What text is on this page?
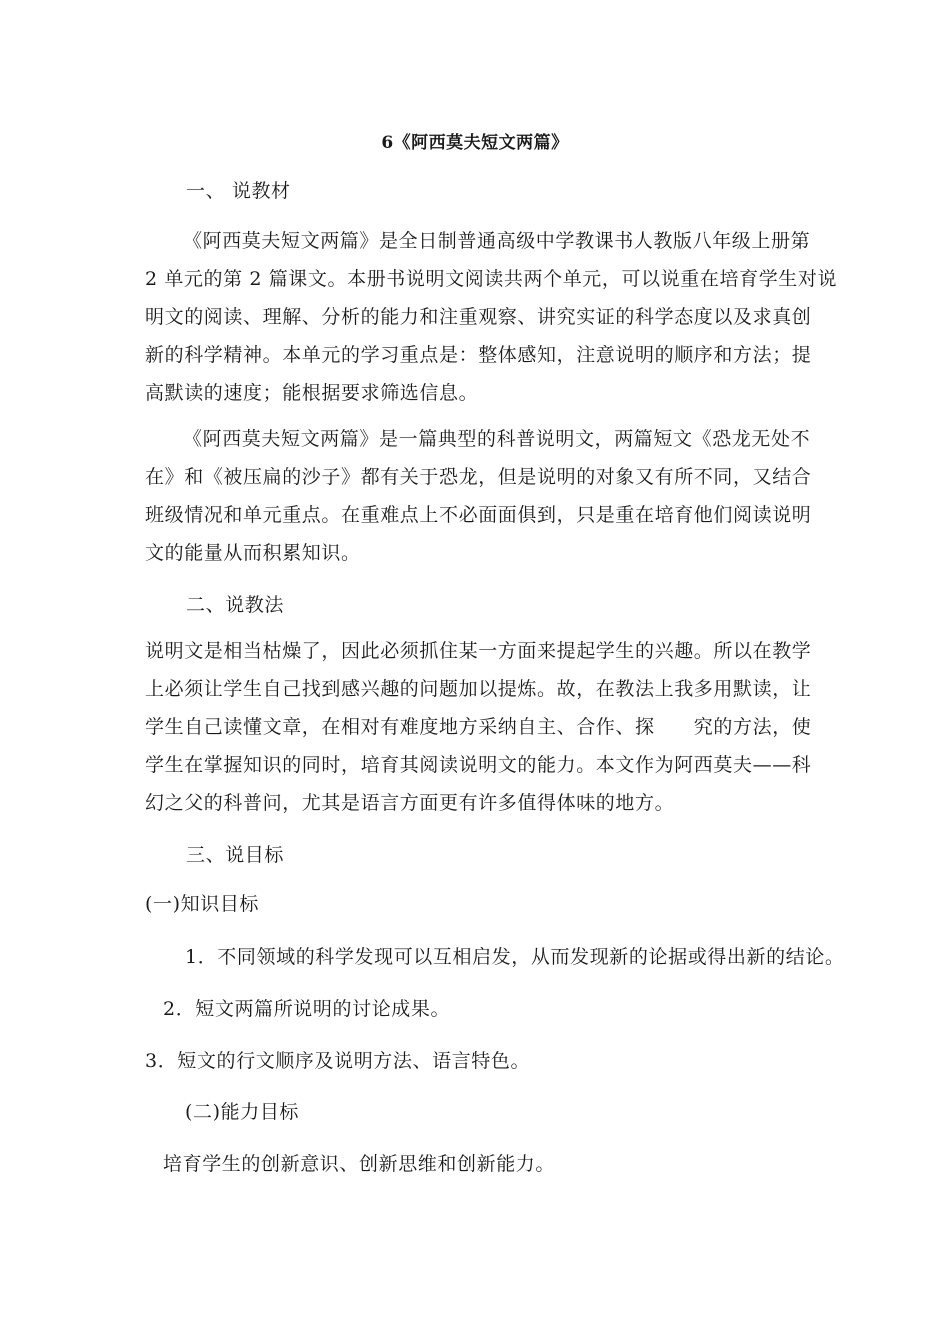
6《阿西莫夫短文两篇》
一、 说教材
《阿西莫夫短文两篇》是全日制普通高级中学教课书人教版八年级上册第
2 单元的第 2 篇课文。本册书说明文阅读共两个单元，可以说重在培育学生对说
明文的阅读、理解、分析的能力和注重观察、讲究实证的科学态度以及求真创
新的科学精神。本单元的学习重点是：整体感知，注意说明的顺序和方法；提
高默读的速度；能根据要求筛选信息。
《阿西莫夫短文两篇》是一篇典型的科普说明文，两篇短文《恐龙无处不
在》和《被压扁的沙子》都有关于恐龙，但是说明的对象又有所不同，又结合
班级情况和单元重点。在重难点上不必面面俱到，只是重在培育他们阅读说明
文的能量从而积累知识。
二、说教法
说明文是相当枯燥了，因此必须抓住某一方面来提起学生的兴趣。所以在教学
上必须让学生自己找到感兴趣的问题加以提炼。故，在教法上我多用默读，让
学生自己读懂文章，在相对有难度地方采纳自主、合作、探　　究的方法，使
学生在掌握知识的同时，培育其阅读说明文的能力。本文作为阿西莫夫——科
幻之父的科普问，尤其是语言方面更有许多值得体味的地方。
三、说目标
(一)知识目标
1．不同领域的科学发现可以互相启发，从而发现新的论据或得出新的结论。
2．短文两篇所说明的讨论成果。
3．短文的行文顺序及说明方法、语言特色。
(二)能力目标
培育学生的创新意识、创新思维和创新能力。
